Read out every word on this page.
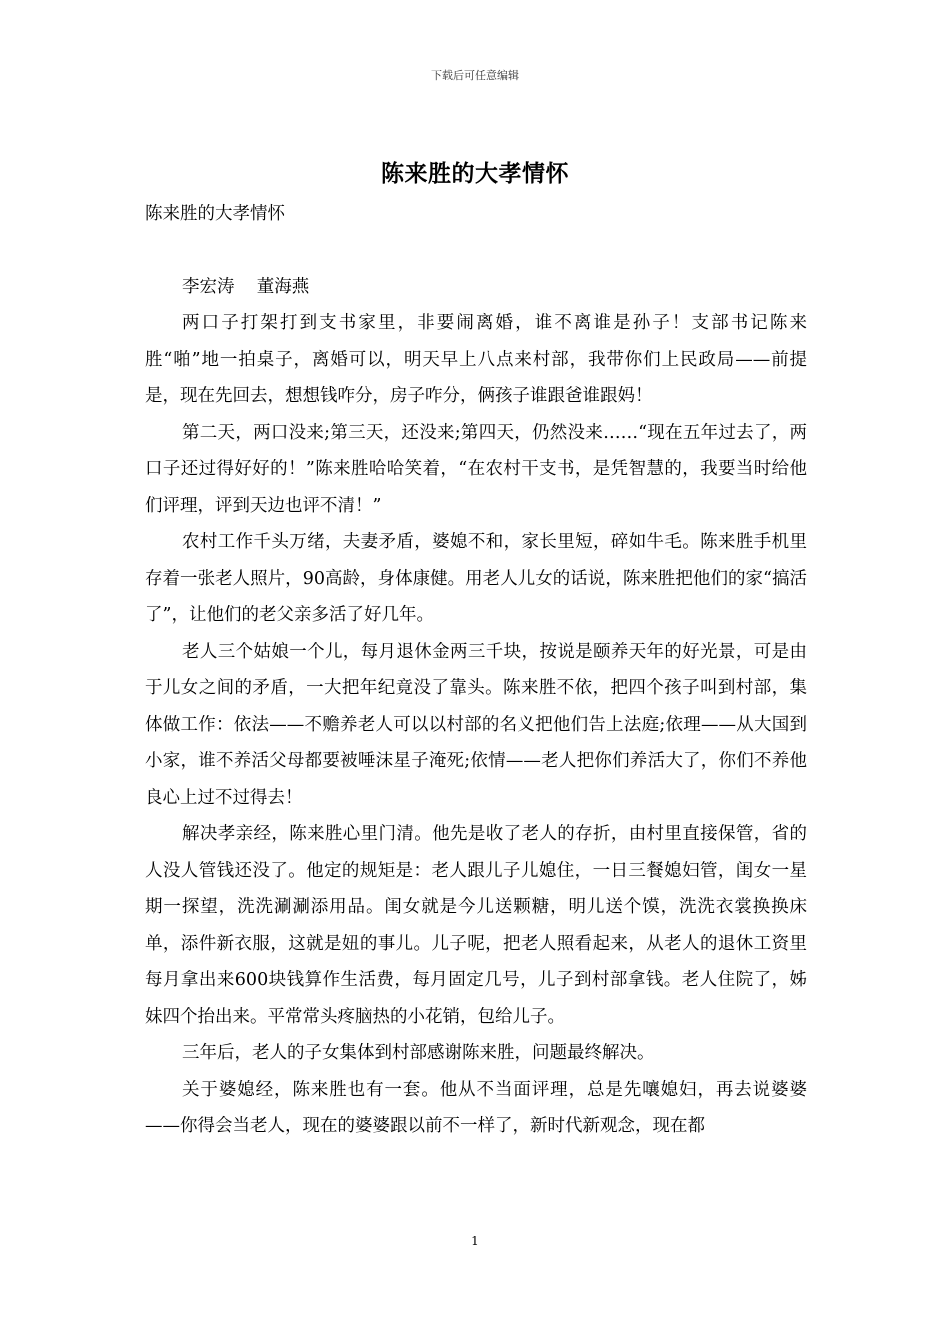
下载后可任意编辑
陈来胜的大孝情怀

陈来胜的大孝情怀

李宏涛    董海燕

两口子打架打到支书家里，非要闹离婚，谁不离谁是孙子！支部书记陈来胜“啪”地一拍桌子，离婚可以，明天早上八点来村部，我带你们上民政局——前提是，现在先回去，想想钱咋分，房子咋分，俩孩子谁跟爸谁跟妈！

第二天，两口没来;第三天，还没来;第四天，仍然没来……“现在五年过去了，两口子还过得好好的！”陈来胜哈哈笑着，“在农村干支书，是凭智慧的，我要当时给他们评理，评到天边也评不清！”

农村工作千头万绪，夫妻矛盾，婆媳不和，家长里短，碎如牛毛。陈来胜手机里存着一张老人照片，90高龄，身体康健。用老人儿女的话说，陈来胜把他们的家“搞活了”，让他们的老父亲多活了好几年。

老人三个姑娘一个儿，每月退休金两三千块，按说是颐养天年的好光景，可是由于儿女之间的矛盾，一大把年纪竟没了靠头。陈来胜不依，把四个孩子叫到村部，集体做工作：依法——不赡养老人可以以村部的名义把他们告上法庭;依理——从大国到小家，谁不养活父母都要被唾沫星子淹死;依情——老人把你们养活大了，你们不养他良心上过不过得去！

解决孝亲经，陈来胜心里门清。他先是收了老人的存折，由村里直接保管，省的人没人管钱还没了。他定的规矩是：老人跟儿子儿媳住，一日三餐媳妇管，闺女一星期一探望，洗洗涮涮添用品。闺女就是今儿送颗糖，明儿送个馍，洗洗衣裳换换床单，添件新衣服，这就是妞的事儿。儿子呢，把老人照看起来，从老人的退休工资里每月拿出来600块钱算作生活费，每月固定几号，儿子到村部拿钱。老人住院了，姊妹四个抬出来。平常常头疼脑热的小花销，包给儿子。

三年后，老人的子女集体到村部感谢陈来胜，问题最终解决。

关于婆媳经，陈来胜也有一套。他从不当面评理，总是先嚷媳妇，再去说婆婆——你得会当老人，现在的婆婆跟以前不一样了，新时代新观念，现在都

1
